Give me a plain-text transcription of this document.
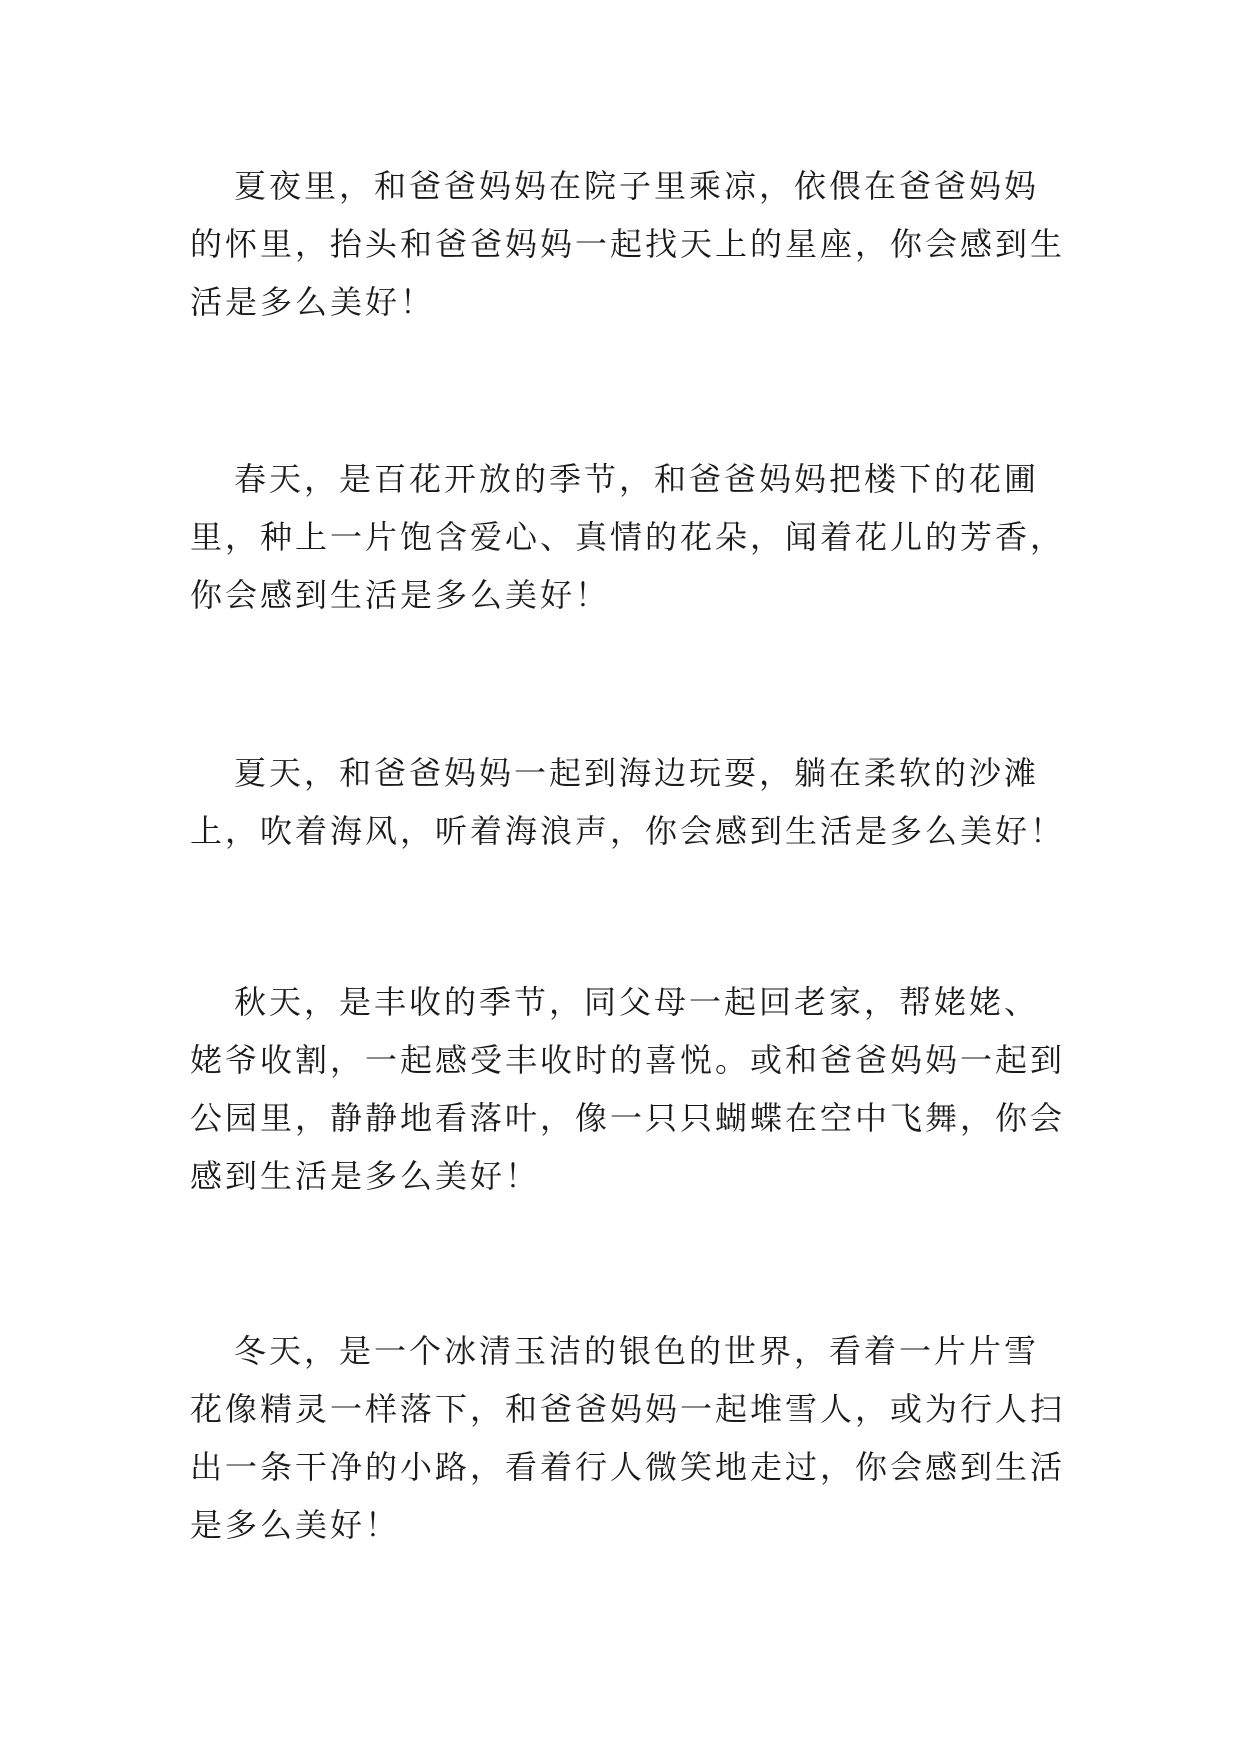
夏夜里，和爸爸妈妈在院子里乘凉，依偎在爸爸妈妈的怀里，抬头和爸爸妈妈一起找天上的星座，你会感到生活是多么美好！

春天，是百花开放的季节，和爸爸妈妈把楼下的花圃里，种上一片饱含爱心、真情的花朵，闻着花儿的芳香，你会感到生活是多么美好！

夏天，和爸爸妈妈一起到海边玩耍，躺在柔软的沙滩上，吹着海风，听着海浪声，你会感到生活是多么美好！

秋天，是丰收的季节，同父母一起回老家，帮姥姥、姥爷收割，一起感受丰收时的喜悦。或和爸爸妈妈一起到公园里，静静地看落叶，像一只只蝴蝶在空中飞舞，你会感到生活是多么美好！

冬天，是一个冰清玉洁的银色的世界，看着一片片雪花像精灵一样落下，和爸爸妈妈一起堆雪人，或为行人扫出一条干净的小路，看着行人微笑地走过，你会感到生活是多么美好！
